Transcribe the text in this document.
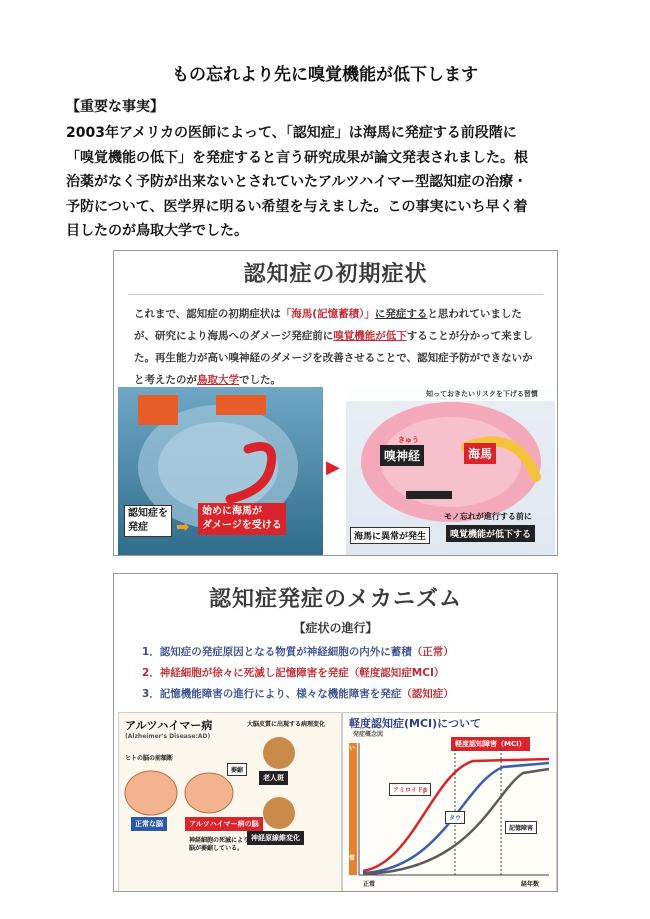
もの忘れより先に嗅覚機能が低下します
【重要な事実】
2003年アメリカの医師によって、「認知症」は海馬に発症する前段階に
「嗅覚機能の低下」を発症すると言う研究成果が論文発表されました。根
治薬がなく予防が出来ないとされていたアルツハイマー型認知症の治療・
予防について、医学界に明るい希望を与えました。この事実にいち早く着
目したのが鳥取大学でした。
認知症の初期症状
これまで、認知症の初期症状は「海馬(記憶蓄積）」に発症すると思われていましたが、研究により海馬へのダメージ発症前に嗅覚機能が低下することが分かって来ました。再生能力が高い嗅神経のダメージを改善させることで、認知症予防ができないかと考えたのが鳥取大学でした。
認知症を
発症	➡
始めに海馬が
ダメージを受ける
▶
知っておきたいリスクを下げる習慣
きゅう
嗅神経	海馬
海馬に異常が発生
モノ忘れが進行する前に
嗅覚機能が低下する
認知症発症のメカニズム
【症状の進行】
1．認知症の発症原因となる物質が神経細胞の内外に蓄積（正常）
2．神経細胞が徐々に死滅し記憶障害を発症（軽度認知症MCI）
3．記憶機能障害の進行により、様々な機能障害を発症（認知症）
アルツハイマー病
(Alzheimer's Disease:AD)
大脳皮質に出現する病理変化
ヒトの脳の前額断
正常な脳	アルツハイマー病の脳
老人斑
神経原線維変化
萎縮
神経細胞の死滅により
脳が萎縮している。
軽度認知症(MCI)について
発症概念図
軽度認知障害（MCI）
多い
正常
アミロイドβ
タウ
記憶障害
正常	経年数
